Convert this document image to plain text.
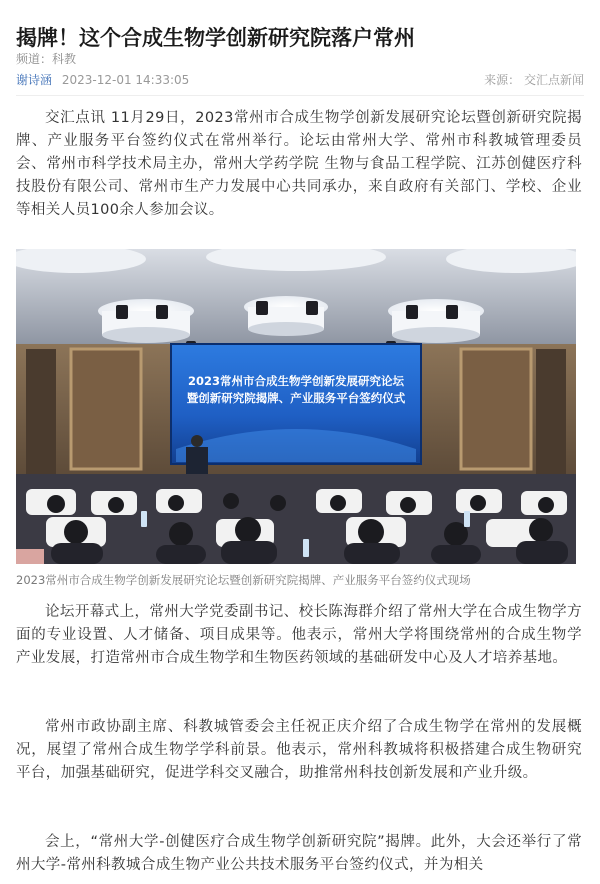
揭牌！这个合成生物学创新研究院落户常州
频道：科教
谢诗涵 2023-12-01 14:33:05	来源： 交汇点新闻

交汇点讯 11月29日，2023常州市合成生物学创新发展研究论坛暨创新研究院揭牌、产业服务平台签约仪式在常州举行。论坛由常州大学、常州市科教城管理委员会、常州市科学技术局主办，常州大学药学院 生物与食品工程学院、江苏创健医疗科技股份有限公司、常州市生产力发展中心共同承办，来自政府有关部门、学校、企业等相关人员100余人参加会议。

2023常州市合成生物学创新发展研究论坛
暨创新研究院揭牌、产业服务平台签约仪式
2023常州市合成生物学创新发展研究论坛暨创新研究院揭牌、产业服务平台签约仪式现场

论坛开幕式上，常州大学党委副书记、校长陈海群介绍了常州大学在合成生物学方面的专业设置、人才储备、项目成果等。他表示，常州大学将围绕常州的合成生物学产业发展，打造常州市合成生物学和生物医药领域的基础研发中心及人才培养基地。

常州市政协副主席、科教城管委会主任祝正庆介绍了合成生物学在常州的发展概况，展望了常州合成生物学学科前景。他表示，常州科教城将积极搭建合成生物研究平台，加强基础研究，促进学科交叉融合，助推常州科技创新发展和产业升级。

会上，“常州大学-创健医疗合成生物学创新研究院”揭牌。此外，大会还举行了常州大学-常州科教城合成生物产业公共技术服务平台签约仪式，并为相关
